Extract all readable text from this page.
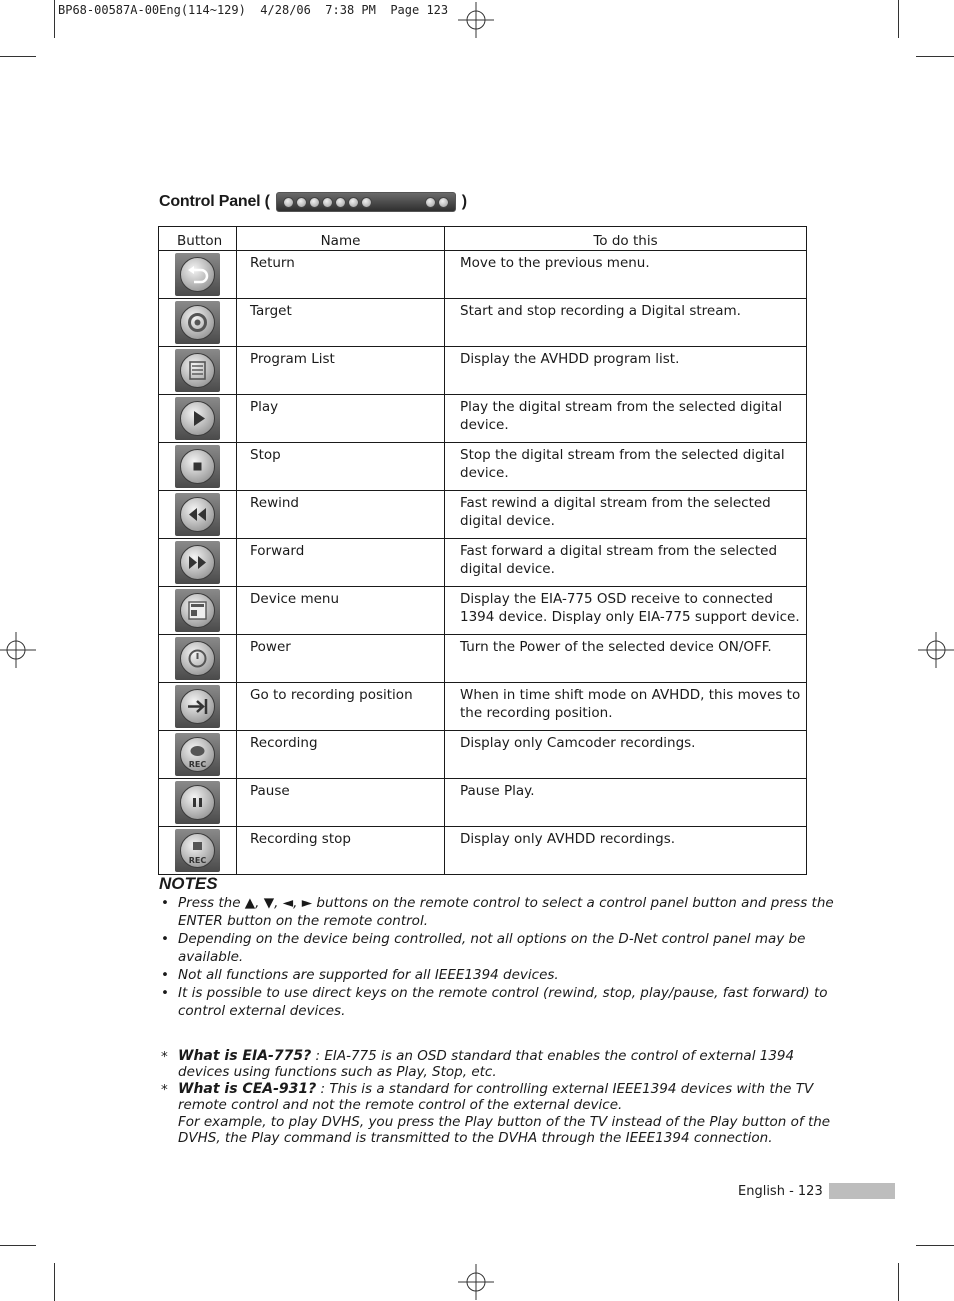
BP68-00587A-00Eng(114~129)  4/28/06  7:38 PM  Page 123
Control Panel (	)
Button	Name	To do this

	Return	Move to the previous menu.

	Target	Start and stop recording a Digital stream.

	Program List	Display the AVHDD program list.

	Play	Play the digital stream from the selected digital device.

	Stop	Stop the digital stream from the selected digital device.

	Rewind	Fast rewind a digital stream from the selected digital device.

	Forward	Fast forward a digital stream from the selected digital device.

	Device menu	Display the EIA-775 OSD receive to connected 1394 device. Display only EIA-775 support device.

	Power	Turn the Power of the selected device ON/OFF.

	Go to recording position	When in time shift mode on AVHDD, this moves to the recording position.

REC	Recording	Display only Camcoder recordings.

	Pause	Pause Play.

REC	Recording stop	Display only AVHDD recordings.
NOTES
• Press the ▲, ▼, ◄, ► buttons on the remote control to select a control panel button and press the ENTER button on the remote control.
• Depending on the device being controlled, not all options on the D-Net control panel may be available.
• Not all functions are supported for all IEEE1394 devices.
• It is possible to use direct keys on the remote control (rewind, stop, play/pause, fast forward) to control external devices.
* What is EIA-775? : EIA-775 is an OSD standard that enables the control of external 1394 devices using functions such as Play, Stop, etc.
* What is CEA-931? : This is a standard for controlling external IEEE1394 devices with the TV remote control and not the remote control of the external device.
For example, to play DVHS, you press the Play button of the TV instead of the Play button of the DVHS, the Play command is transmitted to the DVHA through the IEEE1394 connection.
English - 123
